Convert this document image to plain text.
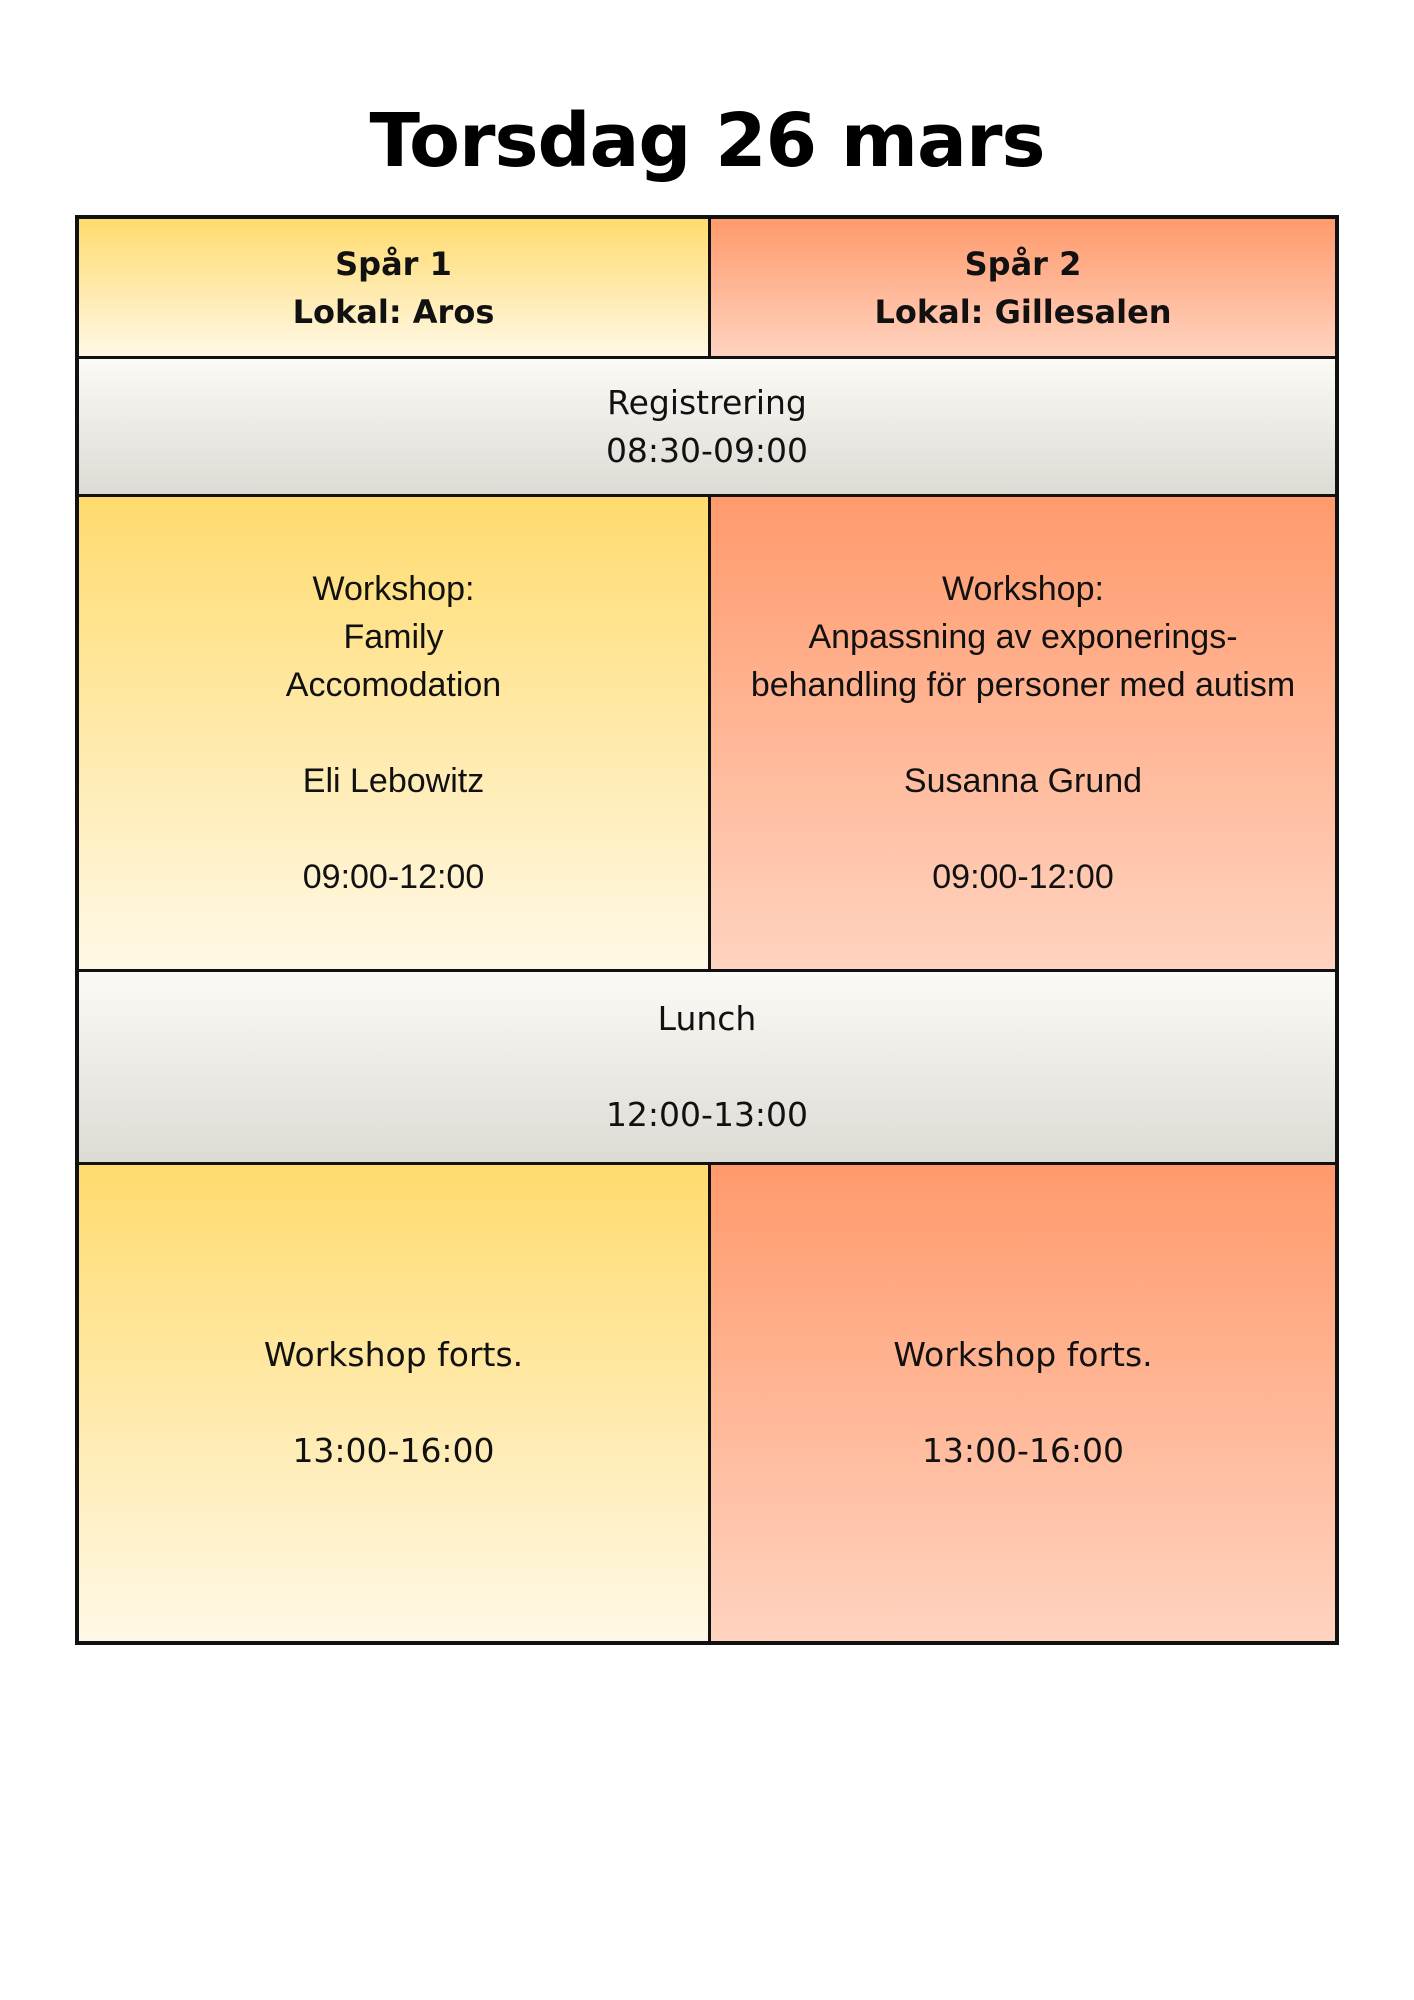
Torsdag 26 mars
Spår 1
Lokal: Aros
Spår 2
Lokal: Gillesalen
Registrering
08:30-09:00
Workshop:
Family
Accomodation
Eli Lebowitz
09:00-12:00
Workshop:
Anpassning av exponerings-
behandling för personer med autism
Susanna Grund
09:00-12:00
Lunch
12:00-13:00
Workshop forts.
13:00-16:00
Workshop forts.
13:00-16:00
